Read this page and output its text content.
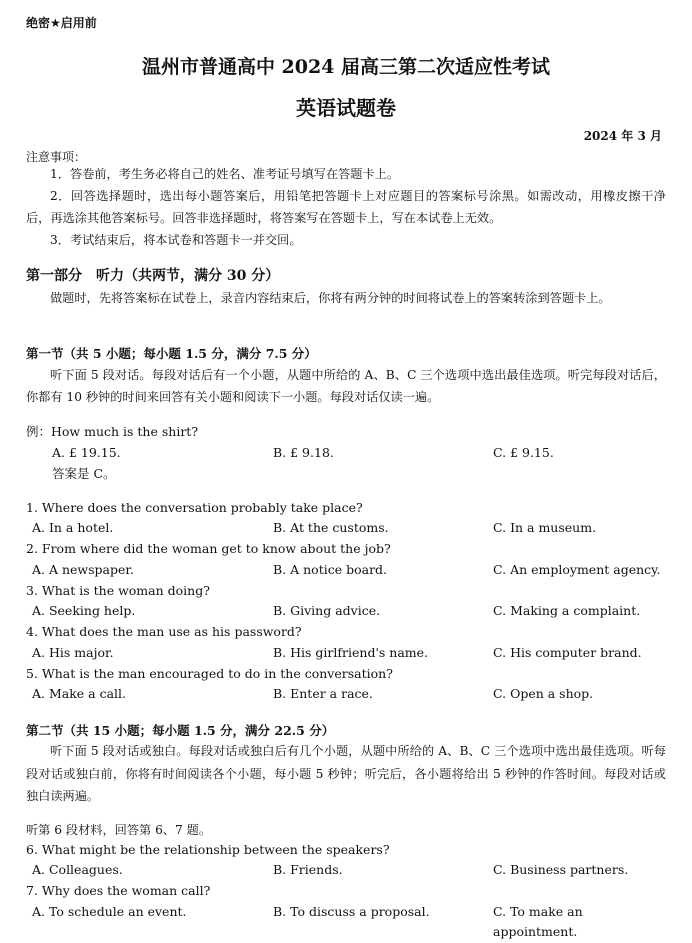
绝密★启用前
温州市普通高中 2024 届高三第二次适应性考试
英语试题卷
2024 年 3 月
注意事项：

1．答卷前，考生务必将自己的姓名、准考证号填写在答题卡上。

2．回答选择题时，选出每小题答案后，用铅笔把答题卡上对应题目的答案标号涂黑。如需改动，用橡皮擦干净后，再选涂其他答案标号。回答非选择题时，将答案写在答题卡上，写在本试卷上无效。

3．考试结束后，将本试卷和答题卡一并交回。

第一部分　听力（共两节，满分 30 分）
做题时，先将答案标在试卷上，录音内容结束后，你将有两分钟的时间将试卷上的答案转涂到答题卡上。
第一节（共 5 小题；每小题 1.5 分，满分 7.5 分）
听下面 5 段对话。每段对话后有一个小题，从题中所给的 A、B、C 三个选项中选出最佳选项。听完每段对话后，你都有 10 秒钟的时间来回答有关小题和阅读下一小题。每段对话仅读一遍。
例：How much is the shirt?
A. £ 19.15.	B. £ 9.18.	C. £ 9.15.
答案是 C。
1. Where does the conversation probably take place?
A. In a hotel.	B. At the customs.	C. In a museum.
2. From where did the woman get to know about the job?
A. A newspaper.	B. A notice board.	C. An employment agency.
3. What is the woman doing?
A. Seeking help.	B. Giving advice.	C. Making a complaint.
4. What does the man use as his password?
A. His major.	B. His girlfriend's name.	C. His computer brand.
5. What is the man encouraged to do in the conversation?
A. Make a call.	B. Enter a race.	C. Open a shop.
第二节（共 15 小题；每小题 1.5 分，满分 22.5 分）
听下面 5 段对话或独白。每段对话或独白后有几个小题，从题中所给的 A、B、C 三个选项中选出最佳选项。听每段对话或独白前，你将有时间阅读各个小题，每小题 5 秒钟；听完后，各小题将给出 5 秒钟的作答时间。每段对话或独白读两遍。
听第 6 段材料，回答第 6、7 题。
6. What might be the relationship between the speakers?
A. Colleagues.	B. Friends.	C. Business partners.
7. Why does the woman call?
A. To schedule an event.	B. To discuss a proposal.	C. To make an appointment.
